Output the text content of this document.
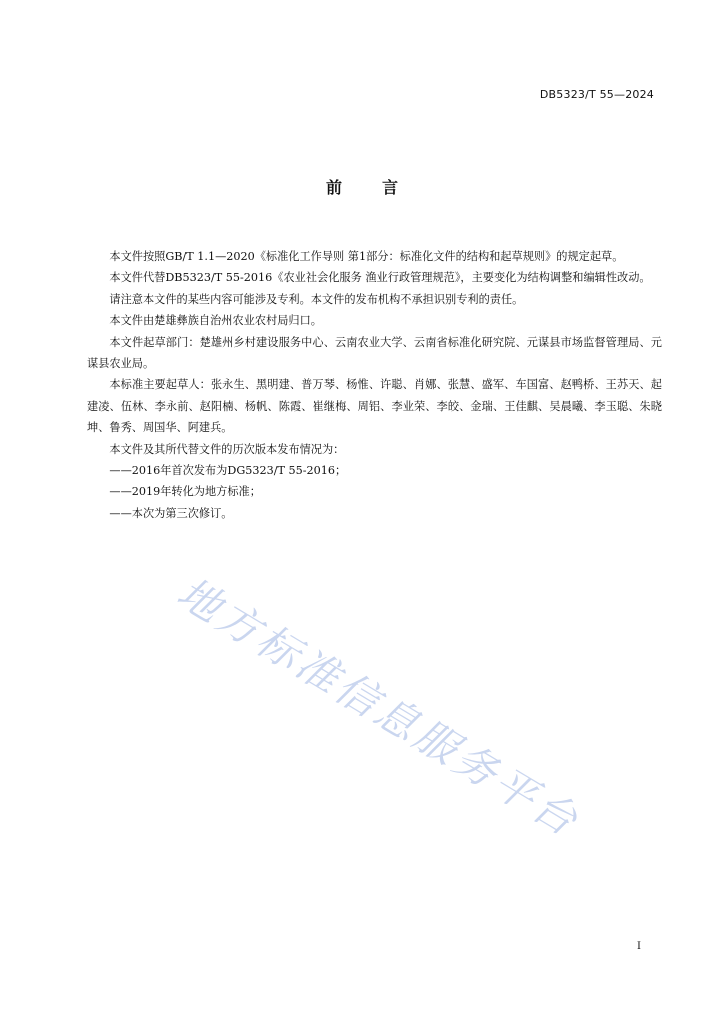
DB5323/T 55—2024
前言

本文件按照GB/T 1.1—2020《标准化工作导则 第1部分：标准化文件的结构和起草规则》的规定起草。

本文件代替DB5323/T 55-2016《农业社会化服务 渔业行政管理规范》，主要变化为结构调整和编辑性改动。

请注意本文件的某些内容可能涉及专利。本文件的发布机构不承担识别专利的责任。

本文件由楚雄彝族自治州农业农村局归口。

本文件起草部门：楚雄州乡村建设服务中心、云南农业大学、云南省标准化研究院、元谋县市场监督管理局、元谋县农业局。

本标准主要起草人：张永生、黑明建、普万琴、杨惟、许聪、肖娜、张慧、盛军、车国富、赵鸭桥、王苏天、起建凌、伍林、李永前、赵阳楠、杨帆、陈霞、崔继梅、周铝、李业荣、李皎、金瑞、王佳麒、吴晨曦、李玉聪、朱晓坤、鲁秀、周国华、阿建兵。

本文件及其所代替文件的历次版本发布情况为：

——2016年首次发布为DG5323/T 55-2016；

——2019年转化为地方标准；

——本次为第三次修订。

地方标准信息服务平台
I
